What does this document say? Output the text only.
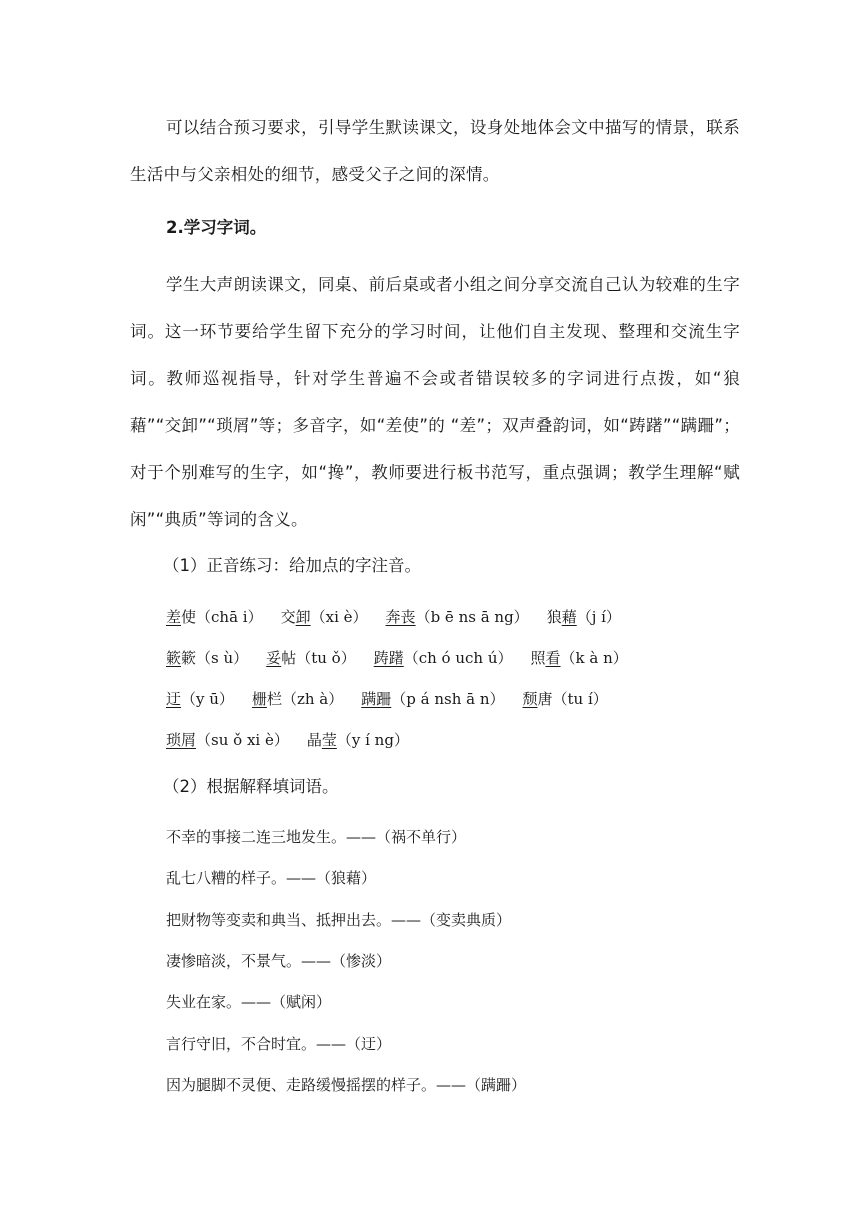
可以结合预习要求，引导学生默读课文，设身处地体会文中描写的情景，联系生活中与父亲相处的细节，感受父子之间的深情。

2.学习字词。

学生大声朗读课文，同桌、前后桌或者小组之间分享交流自己认为较难的生字词。这一环节要给学生留下充分的学习时间，让他们自主发现、整理和交流生字词。教师巡视指导，针对学生普遍不会或者错误较多的字词进行点拨，如“狼藉”“交卸”“琐屑”等；多音字，如“差使”的 “差”；双声叠韵词，如“踌躇”“蹒跚”；对于个别难写的生字，如“搀”，教师要进行板书范写，重点强调；教学生理解“赋闲”“典质”等词的含义。

（1）正音练习：给加点的字注音。

差使（chā i） 交卸（xi è） 奔丧（b ē ns ā ng） 狼藉（j í）
簌簌（s ù） 妥帖（tu ǒ） 踌躇（ch ó uch ú） 照看（k à n）
迂（y ū） 栅栏（zh à） 蹒跚（p á nsh ā n） 颓唐（tu í）
琐屑（su ǒ xi è） 晶莹（y í ng）

（2）根据解释填词语。

不幸的事接二连三地发生。——（祸不单行）
乱七八糟的样子。——（狼藉）
把财物等变卖和典当、抵押出去。——（变卖典质）
凄惨暗淡，不景气。——（惨淡）
失业在家。——（赋闲）
言行守旧，不合时宜。——（迂）
因为腿脚不灵便、走路缓慢摇摆的样子。——（蹒跚）
